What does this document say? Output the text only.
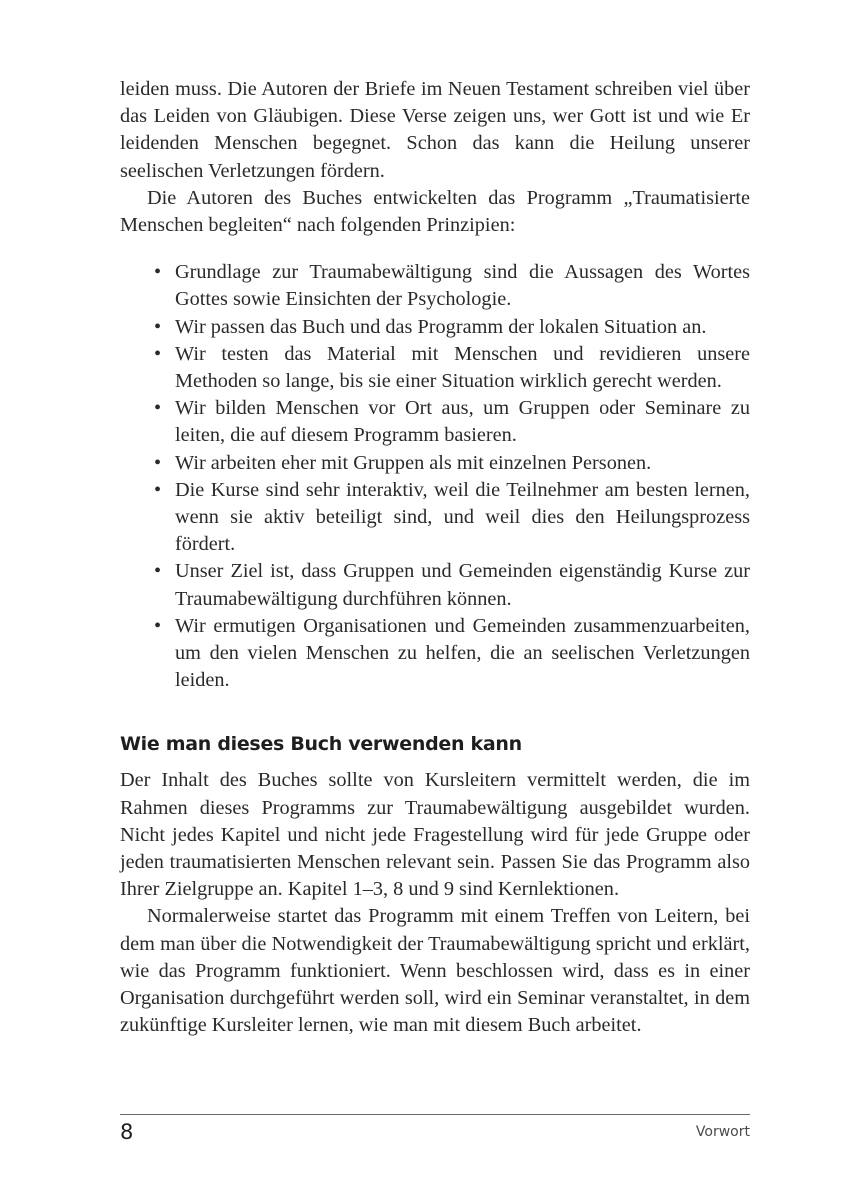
leiden muss. Die Autoren der Briefe im Neuen Testament schreiben viel über das Leiden von Gläubigen. Diese Verse zeigen uns, wer Gott ist und wie Er leidenden Menschen begegnet. Schon das kann die Heilung unserer seelischen Verletzungen fördern.

Die Autoren des Buches entwickelten das Programm „Traumatisierte Menschen begleiten“ nach folgenden Prinzipien:

• Grundlage zur Traumabewältigung sind die Aussagen des Wortes Gottes sowie Einsichten der Psychologie.
• Wir passen das Buch und das Programm der lokalen Situation an.
• Wir testen das Material mit Menschen und revidieren unsere Methoden so lange, bis sie einer Situation wirklich gerecht werden.
• Wir bilden Menschen vor Ort aus, um Gruppen oder Seminare zu leiten, die auf diesem Programm basieren.
• Wir arbeiten eher mit Gruppen als mit einzelnen Personen.
• Die Kurse sind sehr interaktiv, weil die Teilnehmer am besten lernen, wenn sie aktiv beteiligt sind, und weil dies den Heilungsprozess fördert.
• Unser Ziel ist, dass Gruppen und Gemeinden eigenständig Kurse zur Traumabewältigung durchführen können.
• Wir ermutigen Organisationen und Gemeinden zusammenzuarbeiten, um den vielen Menschen zu helfen, die an seelischen Verletzungen leiden.
Wie man dieses Buch verwenden kann

Der Inhalt des Buches sollte von Kursleitern vermittelt werden, die im Rahmen dieses Programms zur Traumabewältigung ausgebildet wurden. Nicht jedes Kapitel und nicht jede Fragestellung wird für jede Gruppe oder jeden traumatisierten Menschen relevant sein. Passen Sie das Programm also Ihrer Zielgruppe an. Kapitel 1–3, 8 und 9 sind Kernlektionen.

Normalerweise startet das Programm mit einem Treffen von Leitern, bei dem man über die Notwendigkeit der Traumabewältigung spricht und erklärt, wie das Programm funktioniert. Wenn beschlossen wird, dass es in einer Organisation durchgeführt werden soll, wird ein Seminar veranstaltet, in dem zukünftige Kursleiter lernen, wie man mit diesem Buch arbeitet.

8	Vorwort
